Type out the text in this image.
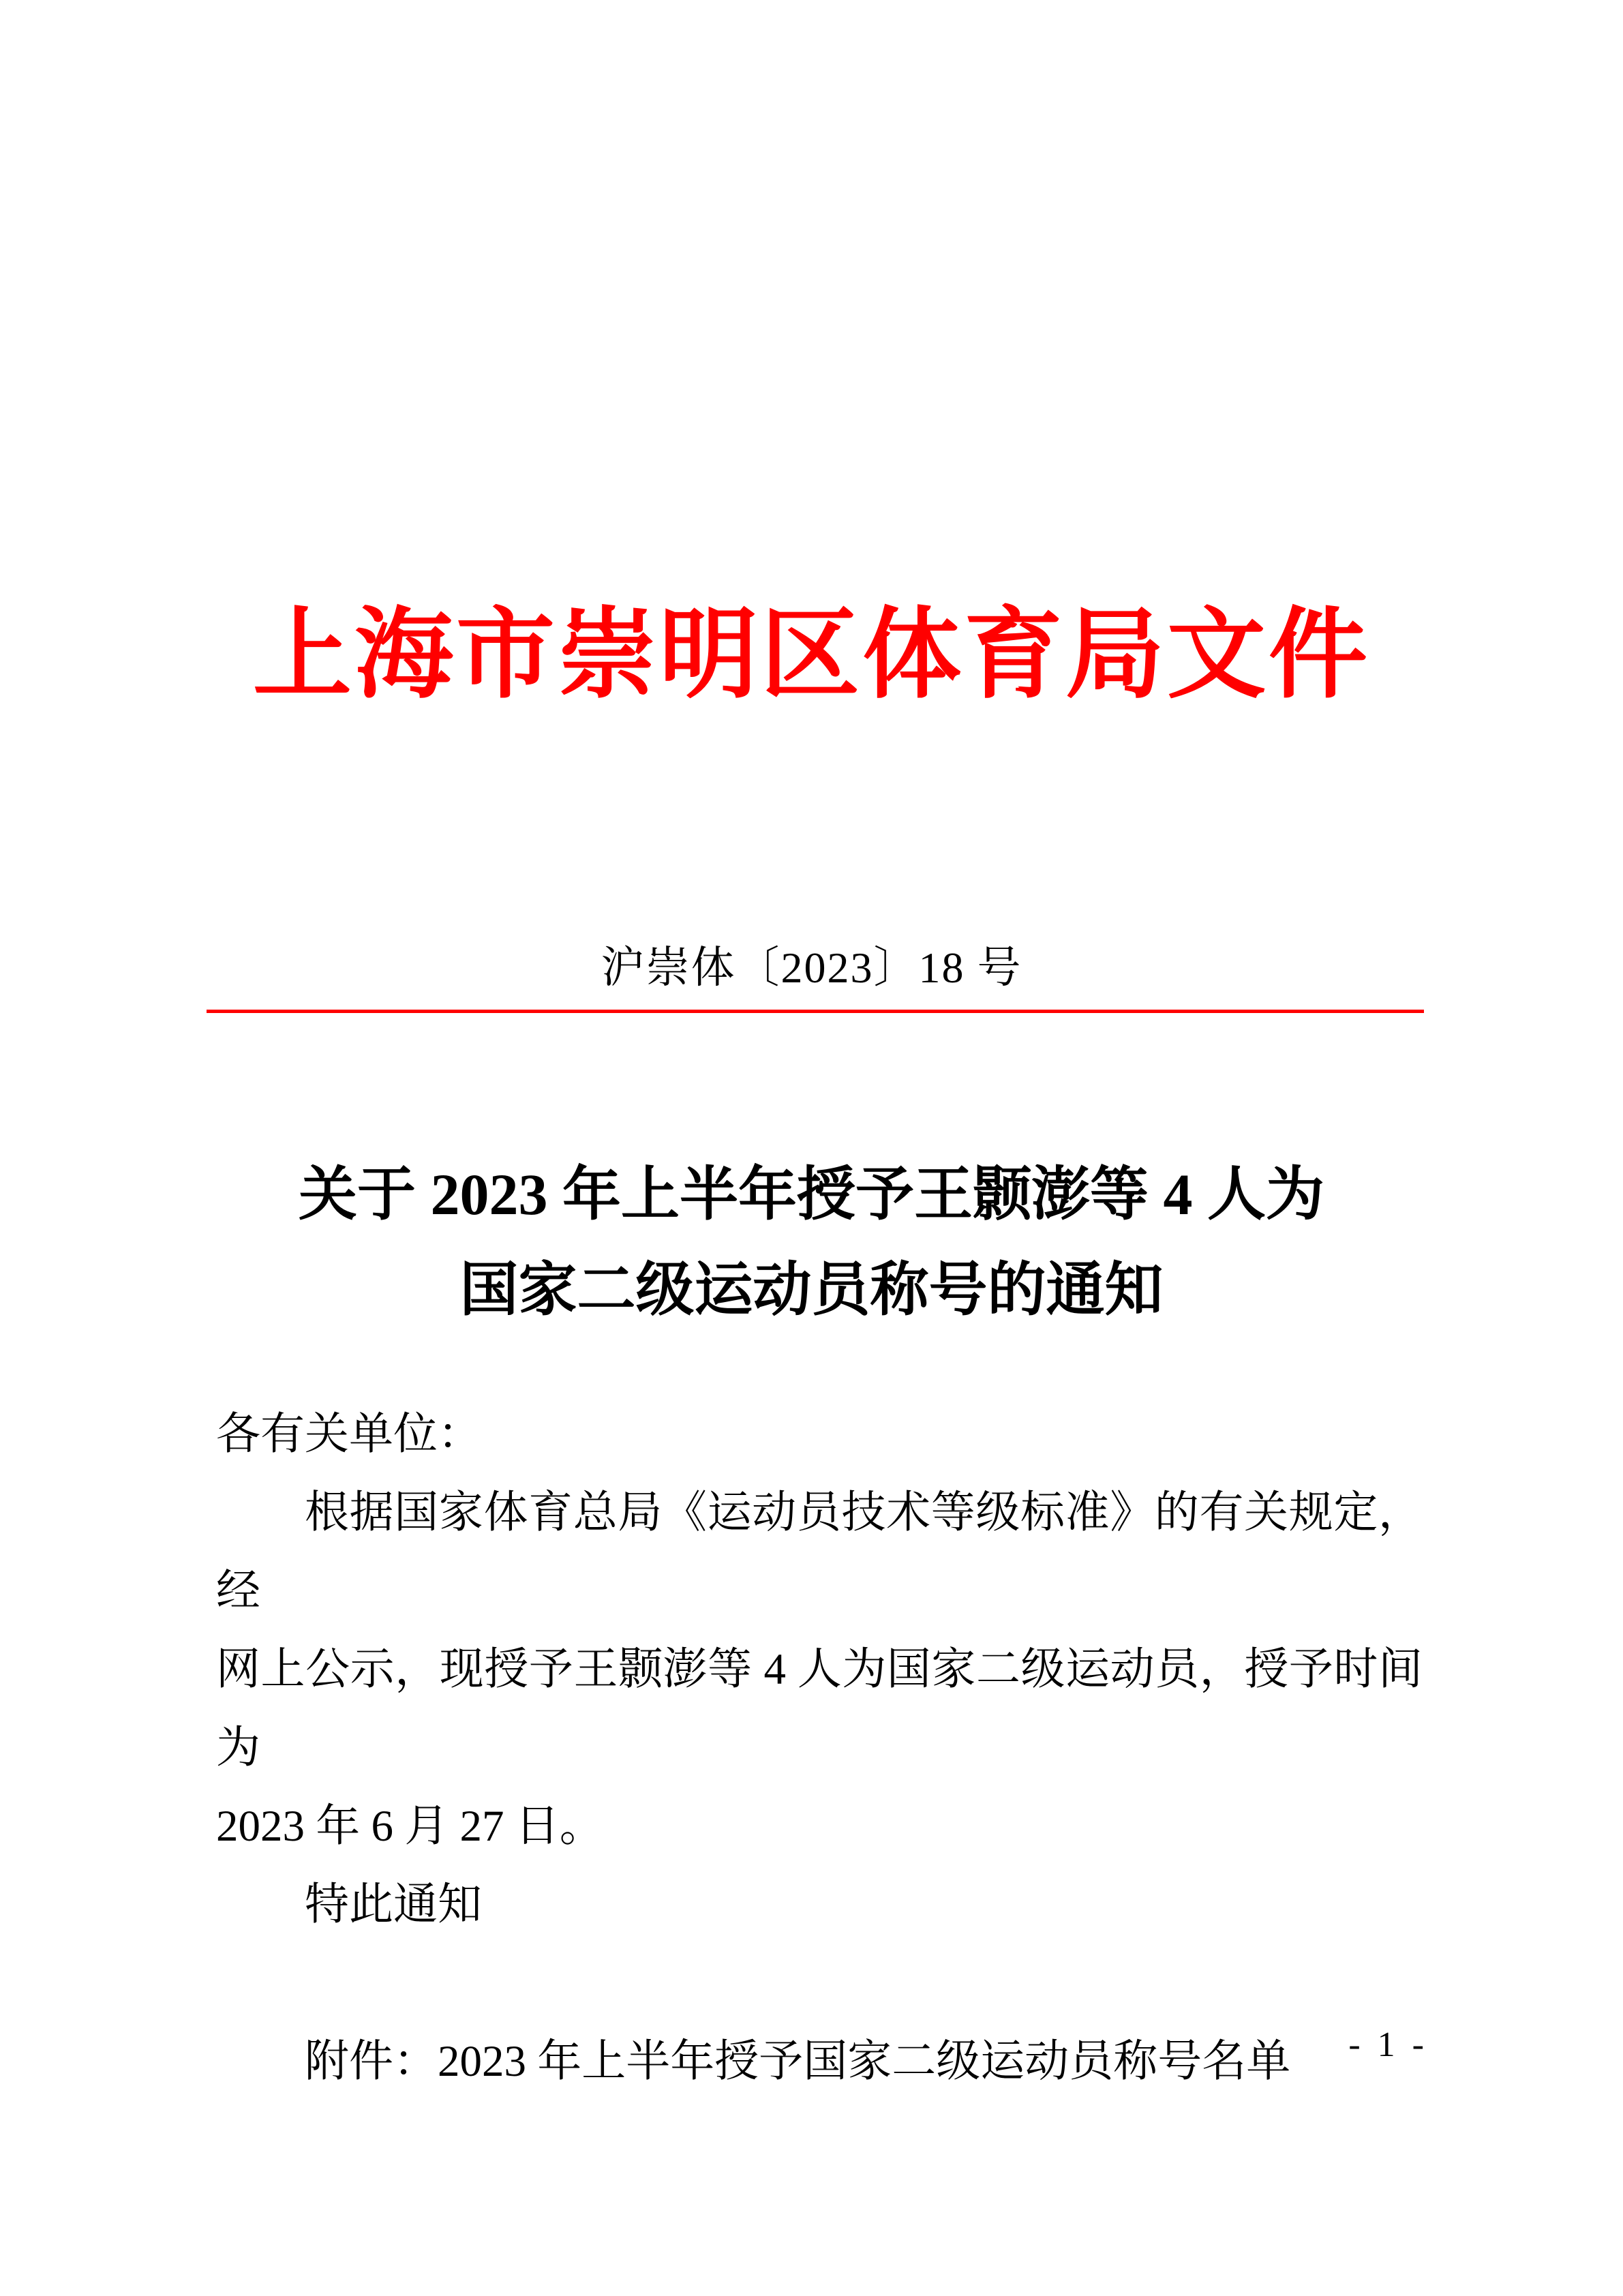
上海市崇明区体育局文件
沪崇体〔2023〕18 号
关于 2023 年上半年授予王颢澎等 4 人为
国家二级运动员称号的通知
各有关单位：
根据国家体育总局《运动员技术等级标准》的有关规定，经
网上公示，现授予王颢澎等 4 人为国家二级运动员，授予时间为
2023 年 6 月 27 日。
特此通知
附件：2023 年上半年授予国家二级运动员称号名单	- 1 -
